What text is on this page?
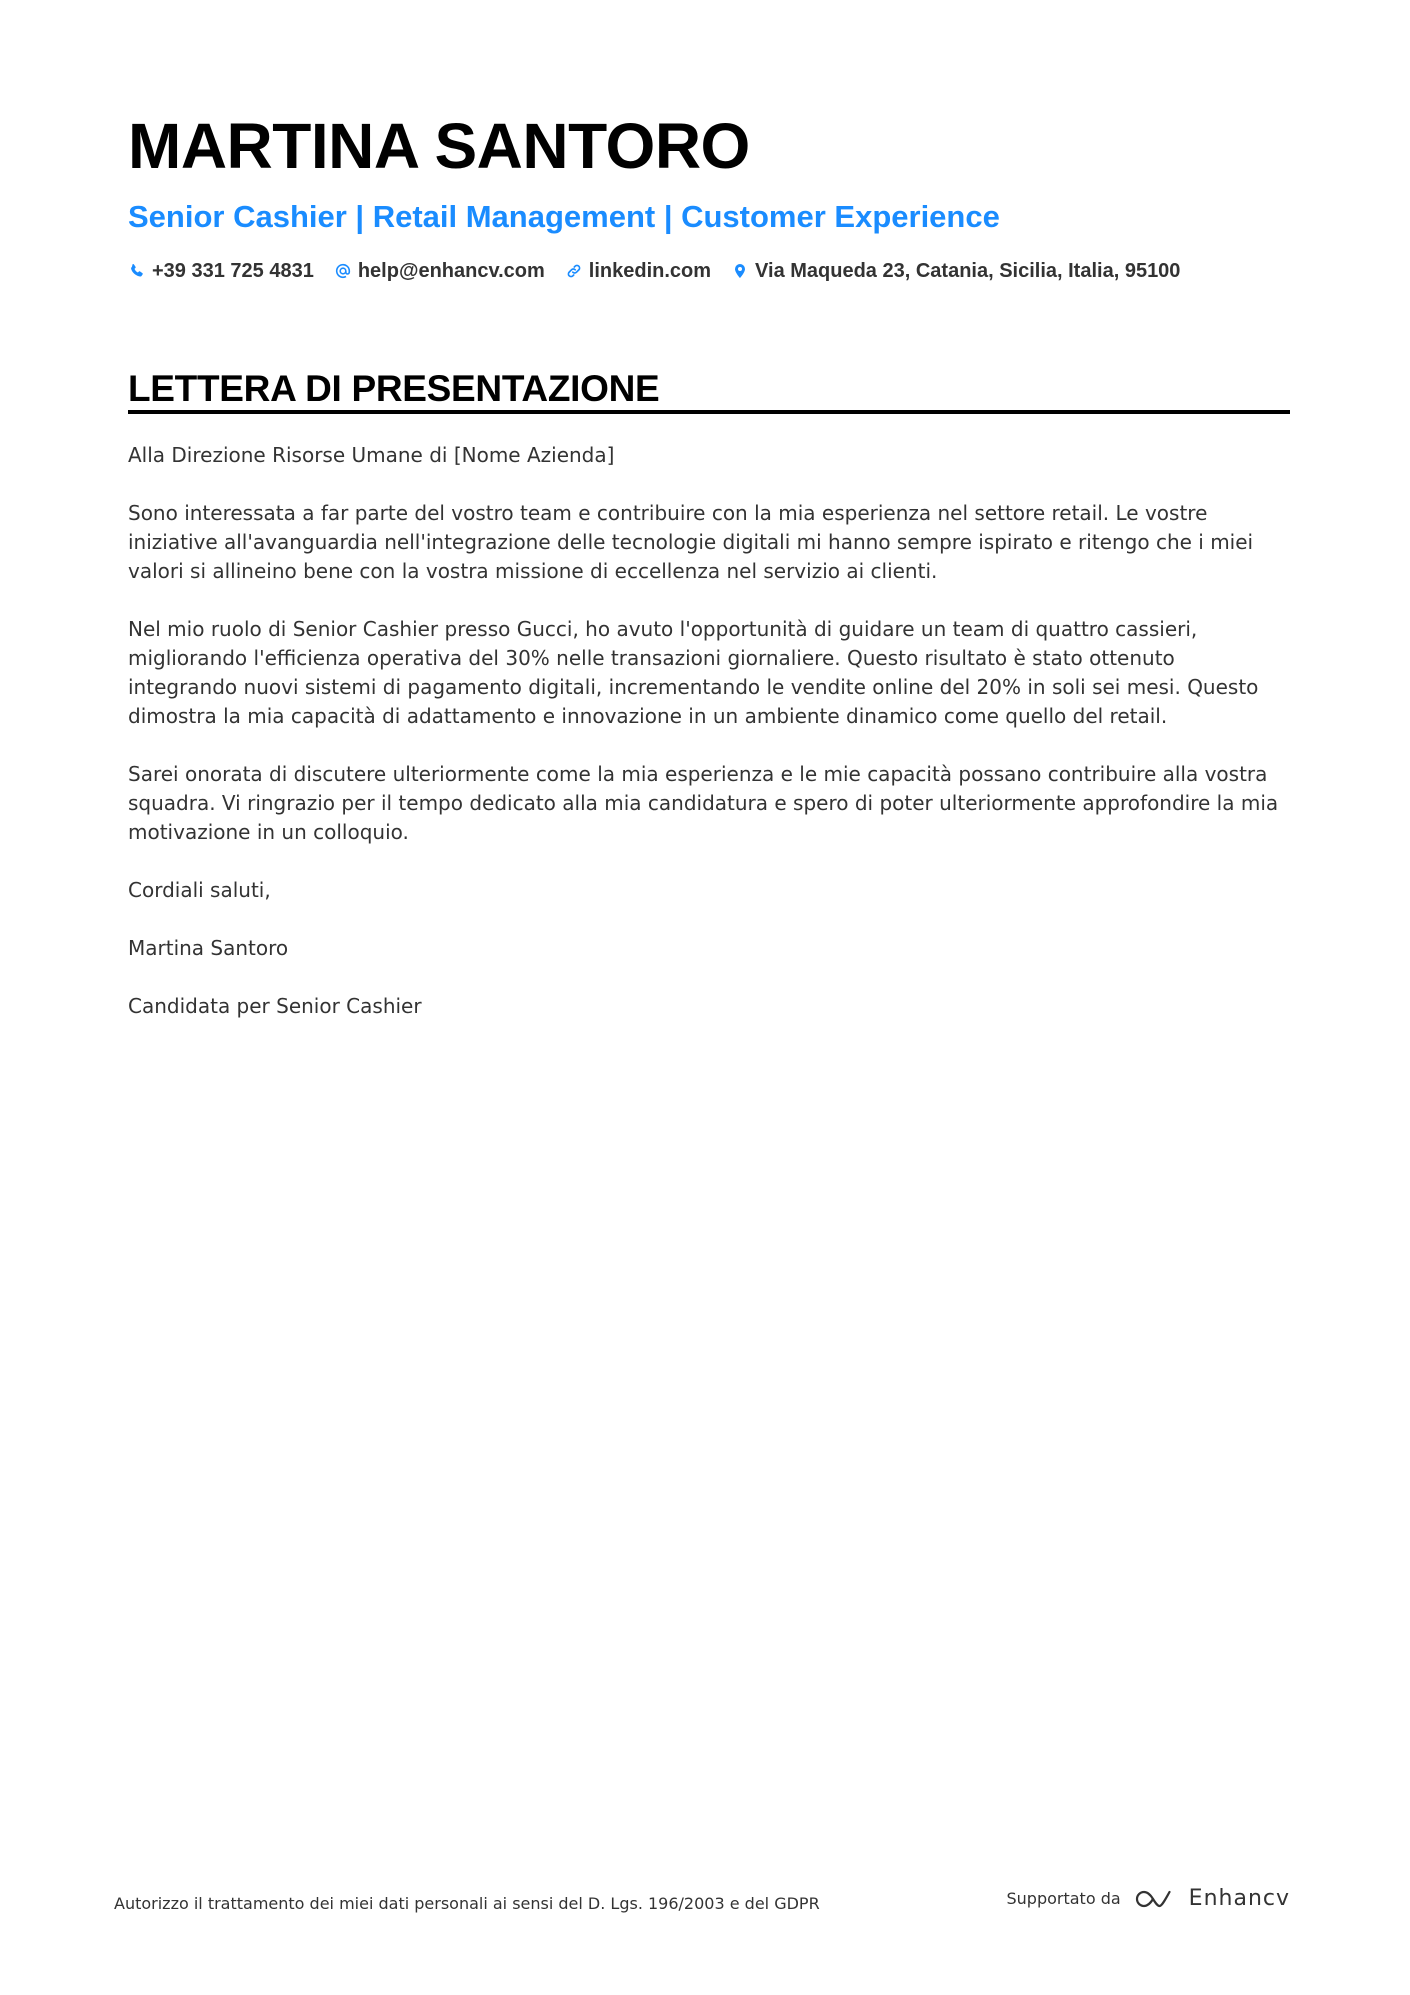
MARTINA SANTORO
Senior Cashier | Retail Management | Customer Experience
+39 331 725 4831 help@enhancv.com linkedin.com Via Maqueda 23, Catania, Sicilia, Italia, 95100
LETTERA DI PRESENTAZIONE

Alla Direzione Risorse Umane di [Nome Azienda]

Sono interessata a far parte del vostro team e contribuire con la mia esperienza nel settore retail. Le vostre iniziative all'avanguardia nell'integrazione delle tecnologie digitali mi hanno sempre ispirato e ritengo che i miei valori si allineino bene con la vostra missione di eccellenza nel servizio ai clienti.

Nel mio ruolo di Senior Cashier presso Gucci, ho avuto l'opportunità di guidare un team di quattro cassieri, migliorando l'efficienza operativa del 30% nelle transazioni giornaliere. Questo risultato è stato ottenuto integrando nuovi sistemi di pagamento digitali, incrementando le vendite online del 20% in soli sei mesi. Questo dimostra la mia capacità di adattamento e innovazione in un ambiente dinamico come quello del retail.

Sarei onorata di discutere ulteriormente come la mia esperienza e le mie capacità possano contribuire alla vostra squadra. Vi ringrazio per il tempo dedicato alla mia candidatura e spero di poter ulteriormente approfondire la mia motivazione in un colloquio.

Cordiali saluti,

Martina Santoro

Candidata per Senior Cashier

Autorizzo il trattamento dei miei dati personali ai sensi del D. Lgs. 196/2003 e del GDPR	Supportato da	Enhancv
